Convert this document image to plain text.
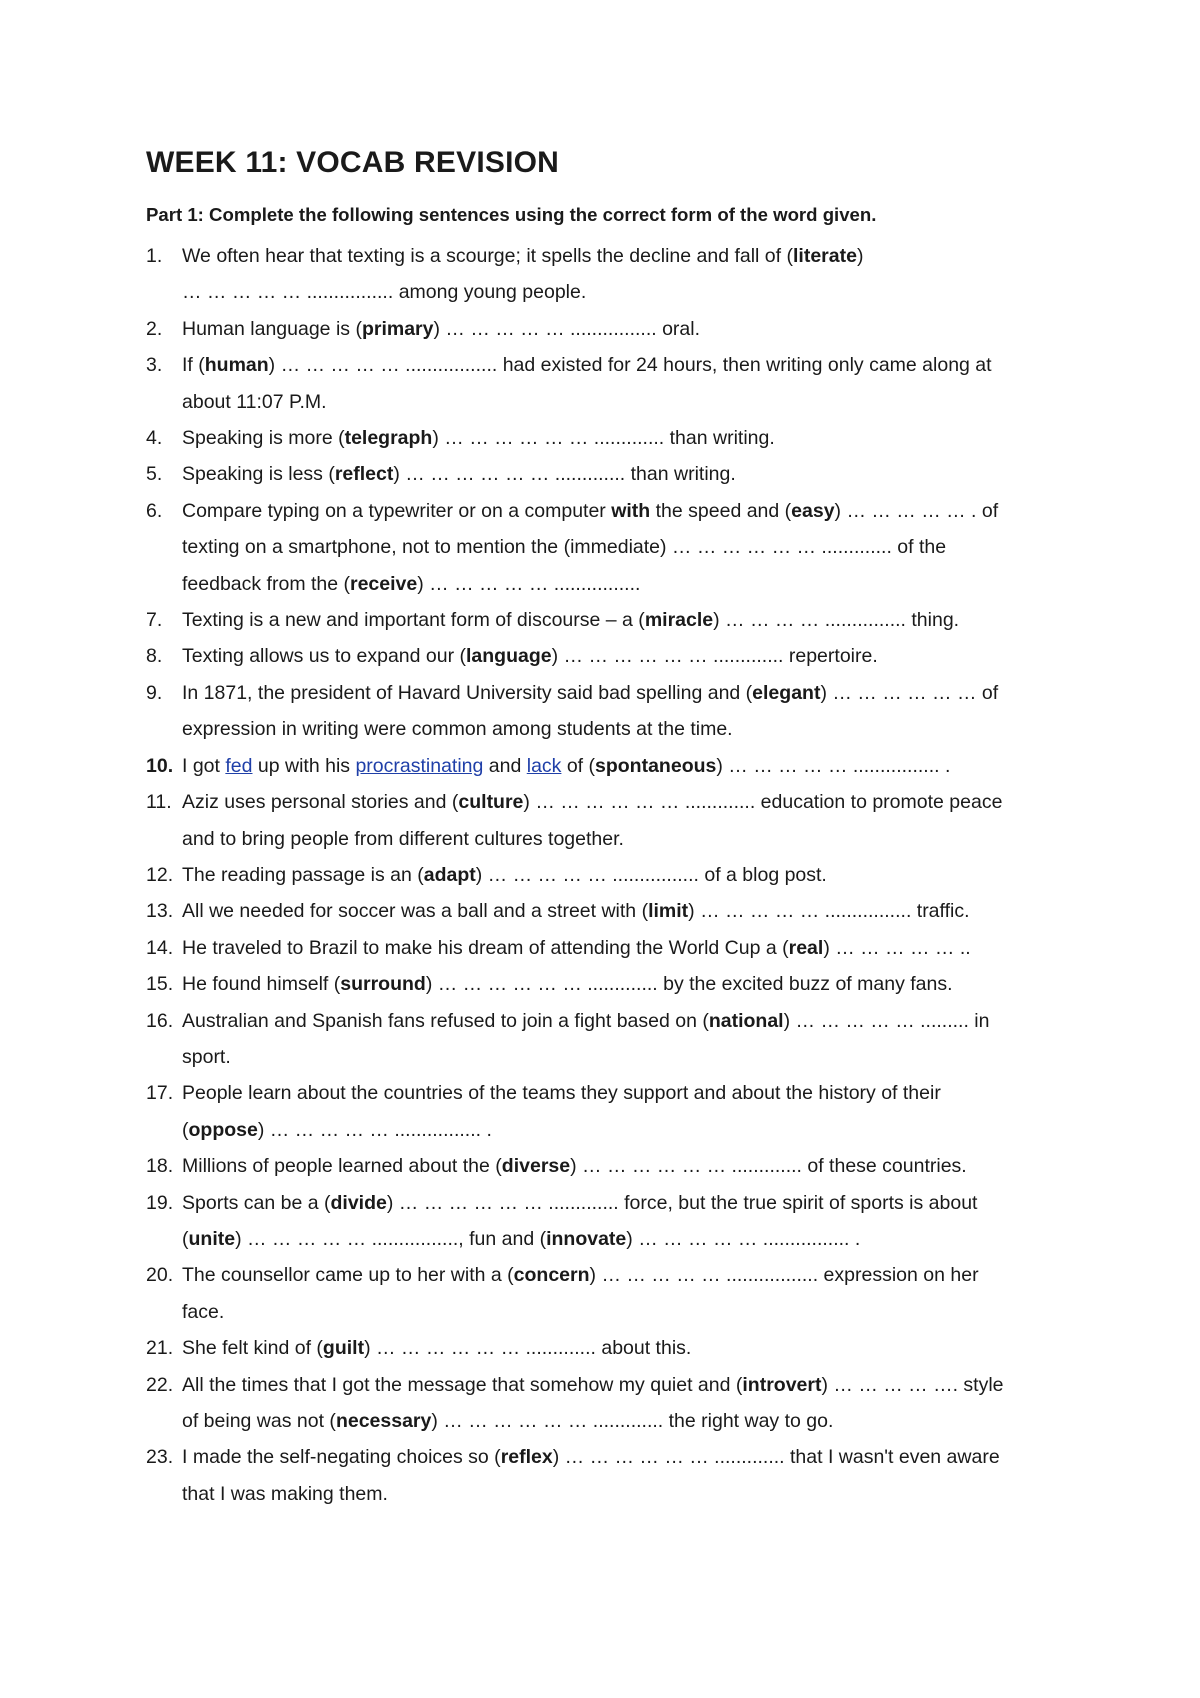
WEEK 11: VOCAB REVISION

Part 1: Complete the following sentences using the correct form of the word given.

1. We often hear that texting is a scourge; it spells the decline and fall of (literate)
… … … … … ................ among young people.
2. Human language is (primary) … … … … … ................ oral.
3. If (human) … … … … … ................. had existed for 24 hours, then writing only came along at
about 11:07 P.M.
4. Speaking is more (telegraph) … … … … … … ............. than writing.
5. Speaking is less (reflect) … … … … … … ............. than writing.
6. Compare typing on a typewriter or on a computer with the speed and (easy) … … … … … . of
texting on a smartphone, not to mention the (immediate) … … … … … … ............. of the
feedback from the (receive) … … … … … ................
7. Texting is a new and important form of discourse – a (miracle) … … … … ............... thing.
8. Texting allows us to expand our (language) … … … … … … ............. repertoire.
9. In 1871, the president of Havard University said bad spelling and (elegant) … … … … … … of
expression in writing were common among students at the time.
10. I got fed up with his procrastinating and lack of (spontaneous) … … … … … ................ .
11. Aziz uses personal stories and (culture) … … … … … … ............. education to promote peace
and to bring people from different cultures together.
12. The reading passage is an (adapt) … … … … … ................ of a blog post.
13. All we needed for soccer was a ball and a street with (limit) … … … … … ................ traffic.
14. He traveled to Brazil to make his dream of attending the World Cup a (real) … … … … … ..
15. He found himself (surround) … … … … … … ............. by the excited buzz of many fans.
16. Australian and Spanish fans refused to join a fight based on (national) … … … … … ......... in
sport.
17. People learn about the countries of the teams they support and about the history of their
(oppose) … … … … … ................ .
18. Millions of people learned about the (diverse) … … … … … … ............. of these countries.
19. Sports can be a (divide) … … … … … … ............. force, but the true spirit of sports is about
(unite) … … … … … ................, fun and (innovate) … … … … … ................ .
20. The counsellor came up to her with a (concern) … … … … … ................. expression on her
face.
21. She felt kind of (guilt) … … … … … … ............. about this.
22. All the times that I got the message that somehow my quiet and (introvert) … … … … …. style
of being was not (necessary) … … … … … … ............. the right way to go.
23. I made the self-negating choices so (reflex) … … … … … … ............. that I wasn't even aware
that I was making them.
